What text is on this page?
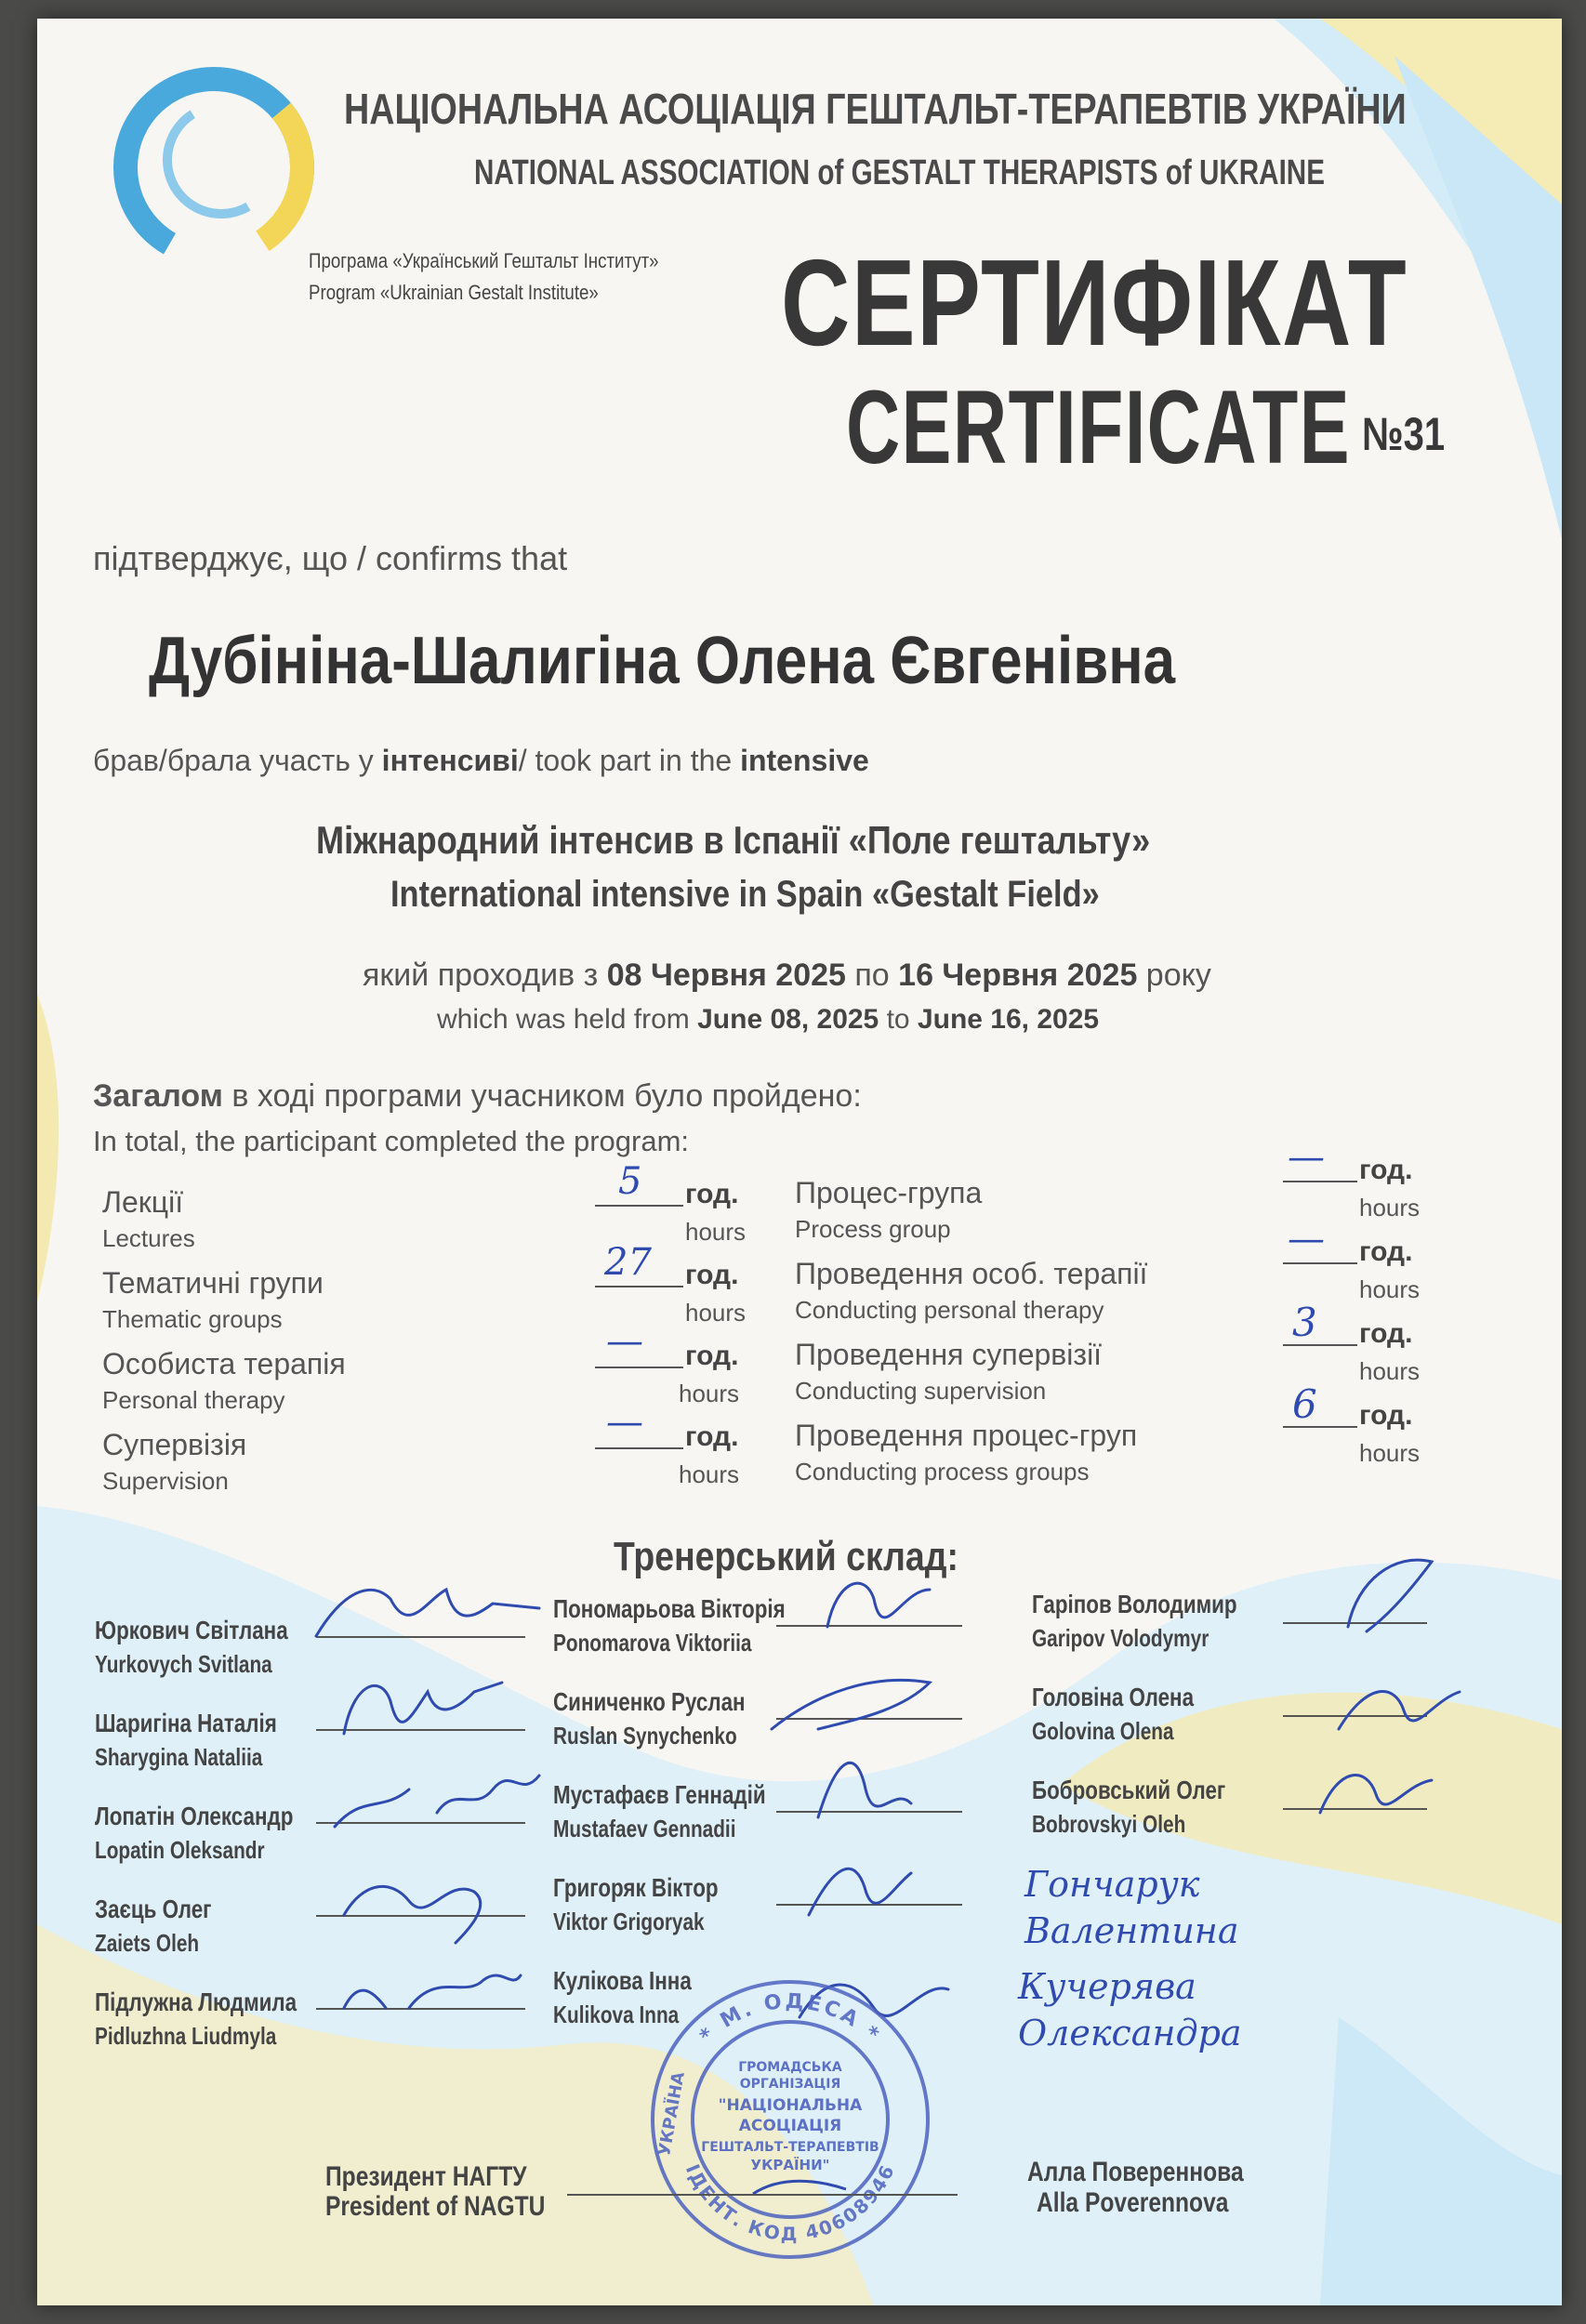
НАЦІОНАЛЬНА АСОЦІАЦІЯ ГЕШТАЛЬТ-ТЕРАПЕВТІВ УКРАЇНИ
NATIONAL ASSOCIATION of GESTALT THERAPISTS of UKRAINE
Програма «Український Гештальт Інститут»
Program «Ukrainian Gestalt Institute» СЕРТИФІКАТ
CERTIFICATE №31
підтверджує, що / confirms that
Дубініна-Шалигіна Олена Євгенівна
брав/брала участь у інтенсиві/ took part in the intensive
Міжнародний інтенсив в Іспанії «Поле гештальту»
International intensive in Spain «Gestalt Field»
який проходив з 08 Червня 2025 по 16 Червня 2025 року
which was held from June 08, 2025 to June 16, 2025
Загалом в ході програми учасником було пройдено:
In total, the participant completed the program:
Лекції
Lectures
Тематичні групи
Thematic groups
Особиста терапія
Personal therapy
Супервізія
Supervision
5 год.
hours
27 год.
hours
— год.
hours
— год.
hours
Процес-група
Process group
Проведення особ. терапії
Conducting personal therapy
Проведення супервізії
Conducting supervision
Проведення процес-груп
Conducting process groups
— год.
hours
— год.
hours
3 год.
hours
6 год.
hours
Тренерський склад:
Юркович Світлана
Yurkovych Svitlana
Шаригіна Наталія
Sharygina Nataliia
Лопатін Олександр
Lopatin Oleksandr
Заєць Олег
Zaiets Oleh
Підлужна Людмила
Pidluzhna Liudmyla
Пономарьова Вікторія
Ponomarova Viktoriia
Синиченко Руслан
Ruslan Synychenko
Мустафаєв Геннадій
Mustafaev Gennadii
Григоряк Віктор
Viktor Grigoryak
Кулікова Інна
Kulikova Inna
Гарiпов Володимир
Garipov Volodymyr
Головіна Олена
Golovina Olena
Бобровський Олег
Bobrovskyi Oleh
Гончарук
Валентина
Кучерява
Олександра
* М. ОДЕСА *
ІДЕНТ. КОД 40608946
УКРАЇНА
ГРОМАДСЬКА
ОРГАНІЗАЦІЯ
"НАЦІОНАЛЬНА
АСОЦІАЦІЯ
ГЕШТАЛЬТ-ТЕРАПЕВТІВ
УКРАЇНИ"
Президент НАГТУ
President of NAGTU
Алла Повереннова
Alla Poverennova
